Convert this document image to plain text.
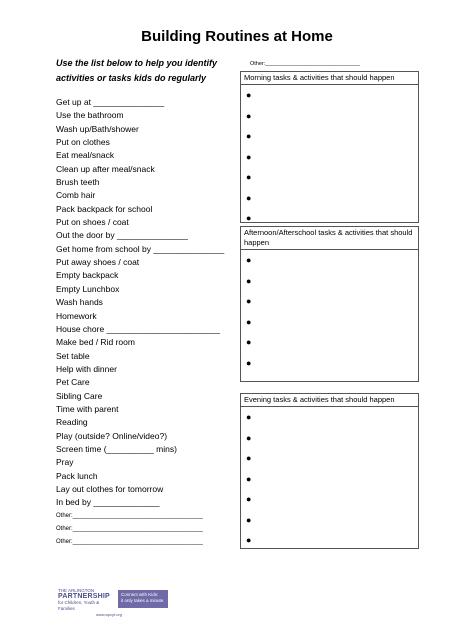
Building Routines at Home
Use the list below to help you identify activities or tasks kids do regularly
Other:_______________________________
Get up at _______________
Use the bathroom
Wash up/Bath/shower
Put on clothes
Eat meal/snack
Clean up after meal/snack
Brush teeth
Comb hair
Pack backpack for school
Put on shoes / coat
Out the door by _______________
Get home from school by _______________
Put away shoes / coat
Empty backpack
Empty Lunchbox
Wash hands
Homework
House chore ________________________
Make bed / Rid room
Set table
Help with dinner
Pet Care
Sibling Care
Time with parent
Reading
Play (outside? Online/video?)
Screen time (__________ mins)
Pray
Pack lunch
Lay out clothes for tomorrow
In bed by ______________
Other:_______________________________________
Other:_______________________________________
Other:_______________________________________
Morning tasks & activities that should happen
●
●
●
●
●
●
●
Afternoon/Afterschool tasks & activities that should happen
●
●
●
●
●
●
Evening tasks & activities that should happen
●
●
●
●
●
●
●
THE ARLINGTON
PARTNERSHIP
for Children, Youth & Families
Connect with Kids:
it only takes a minute.
www.apcyf.org
